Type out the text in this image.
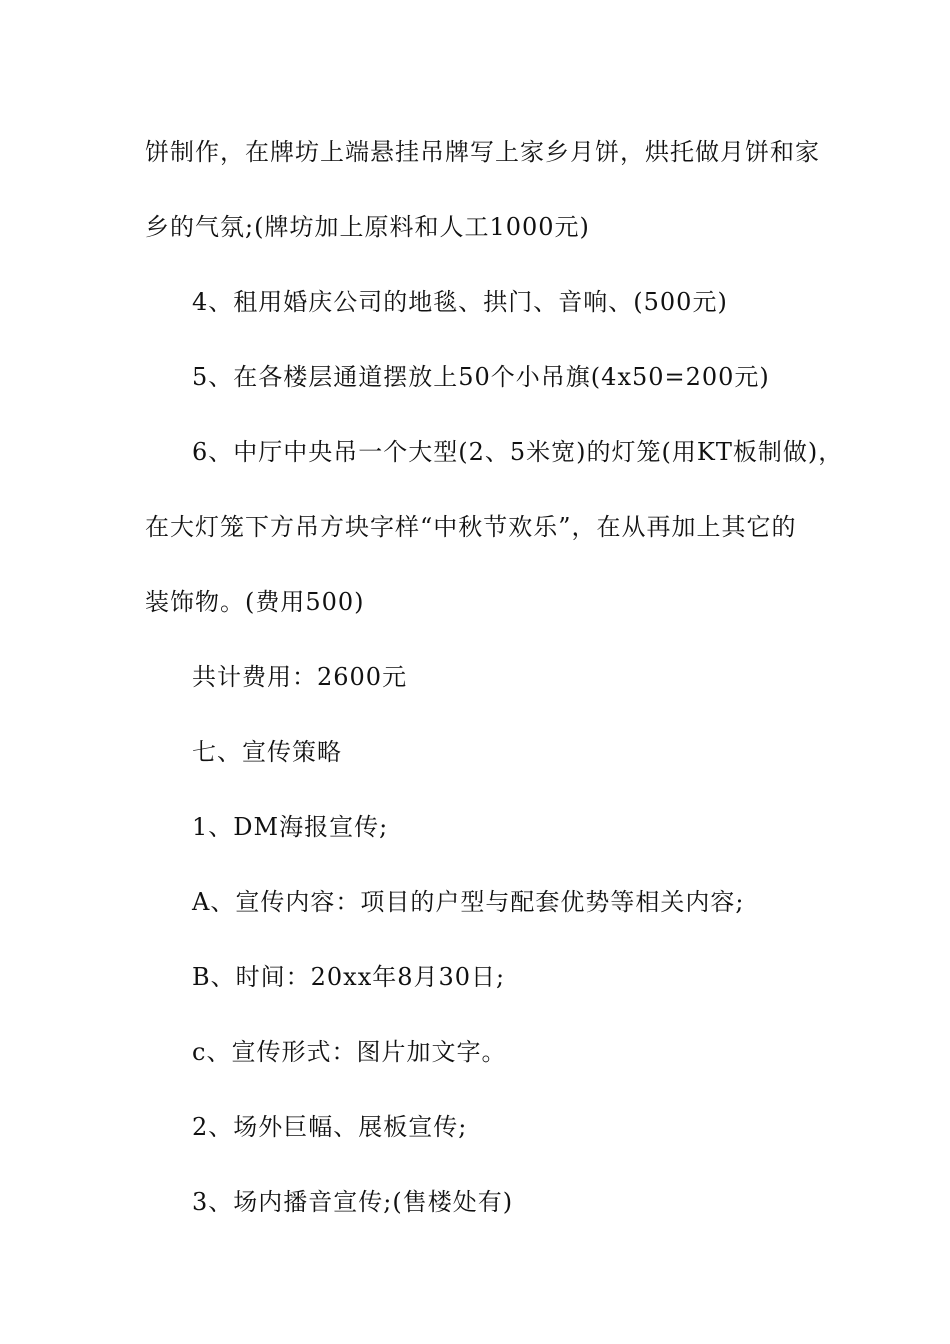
饼制作，在牌坊上端悬挂吊牌写上家乡月饼，烘托做月饼和家
乡的气氛;(牌坊加上原料和人工1000元)
4、租用婚庆公司的地毯、拱门、音响、(500元)
5、在各楼层通道摆放上50个小吊旗(4x50=200元)
6、中厅中央吊一个大型(2、5米宽)的灯笼(用KT板制做)，
在大灯笼下方吊方块字样“中秋节欢乐”，在从再加上其它的
装饰物。(费用500)
共计费用：2600元
七、宣传策略
1、DM海报宣传;
A、宣传内容：项目的户型与配套优势等相关内容;
B、时间：20xx年8月30日;
c、宣传形式：图片加文字。
2、场外巨幅、展板宣传;
3、场内播音宣传;(售楼处有)
